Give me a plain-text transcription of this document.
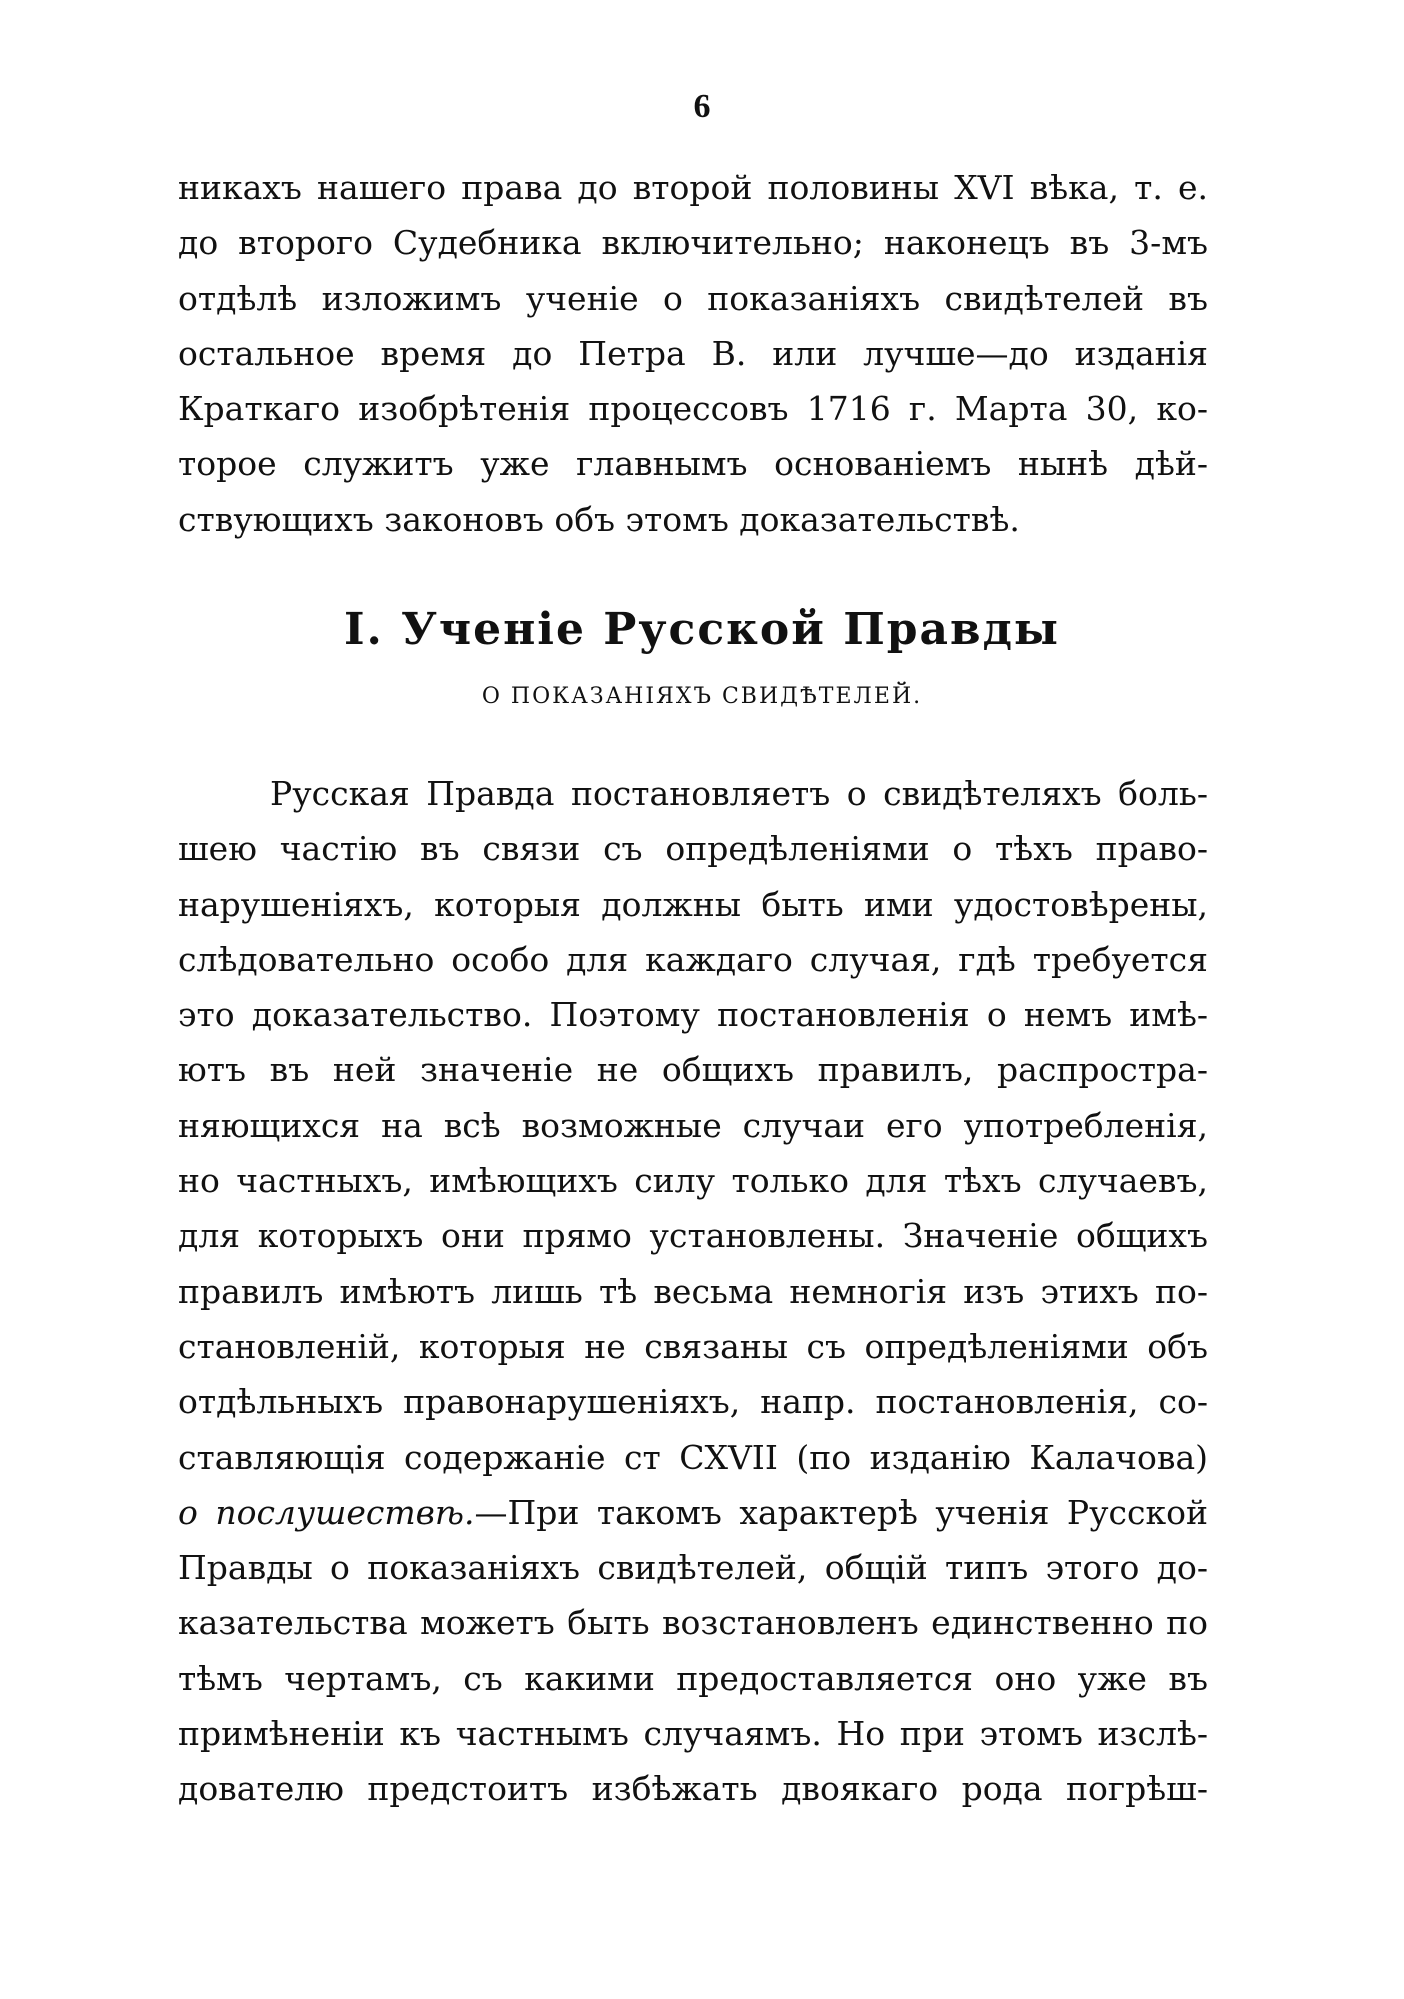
6
никахъ нашего права до второй половины XVI вѣка, т. е.
до второго Судебника включительно; наконецъ въ 3-мъ
отдѣлѣ изложимъ ученіе о показаніяхъ свидѣтелей въ
остальное время до Петра В. или лучше—до изданія
Краткаго изобрѣтенія процессовъ 1716 г. Марта 30, ко-
торое служитъ уже главнымъ основаніемъ нынѣ дѣй-
ствующихъ законовъ объ этомъ доказательствѣ.
I. Ученіе Русской Правды
О ПОКАЗАНІЯХЪ СВИДѢТЕЛЕЙ.
Русская Правда постановляетъ о свидѣтеляхъ боль-
шею частію въ связи съ опредѣленіями о тѣхъ право-
нарушеніяхъ, которыя должны быть ими удостовѣрены,
слѣдовательно особо для каждаго случая, гдѣ требуется
это доказательство. Поэтому постановленія о немъ имѣ-
ютъ въ ней значеніе не общихъ правилъ, распростра-
няющихся на всѣ возможные случаи его употребленія,
но частныхъ, имѣющихъ силу только для тѣхъ случаевъ,
для которыхъ они прямо установлены. Значеніе общихъ
правилъ имѣютъ лишь тѣ весьма немногія изъ этихъ по-
становленій, которыя не связаны съ опредѣленіями объ
отдѣльныхъ правонарушеніяхъ, напр. постановленія, со-
ставляющія содержаніе ст CXVII (по изданію Калачова)
о послушествѣ.—При такомъ характерѣ ученія Русской
Правды о показаніяхъ свидѣтелей, общій типъ этого до-
казательства можетъ быть возстановленъ единственно по
тѣмъ чертамъ, съ какими предоставляется оно уже въ
примѣненіи къ частнымъ случаямъ. Но при этомъ изслѣ-
дователю предстоитъ избѣжать двоякаго рода погрѣш-
